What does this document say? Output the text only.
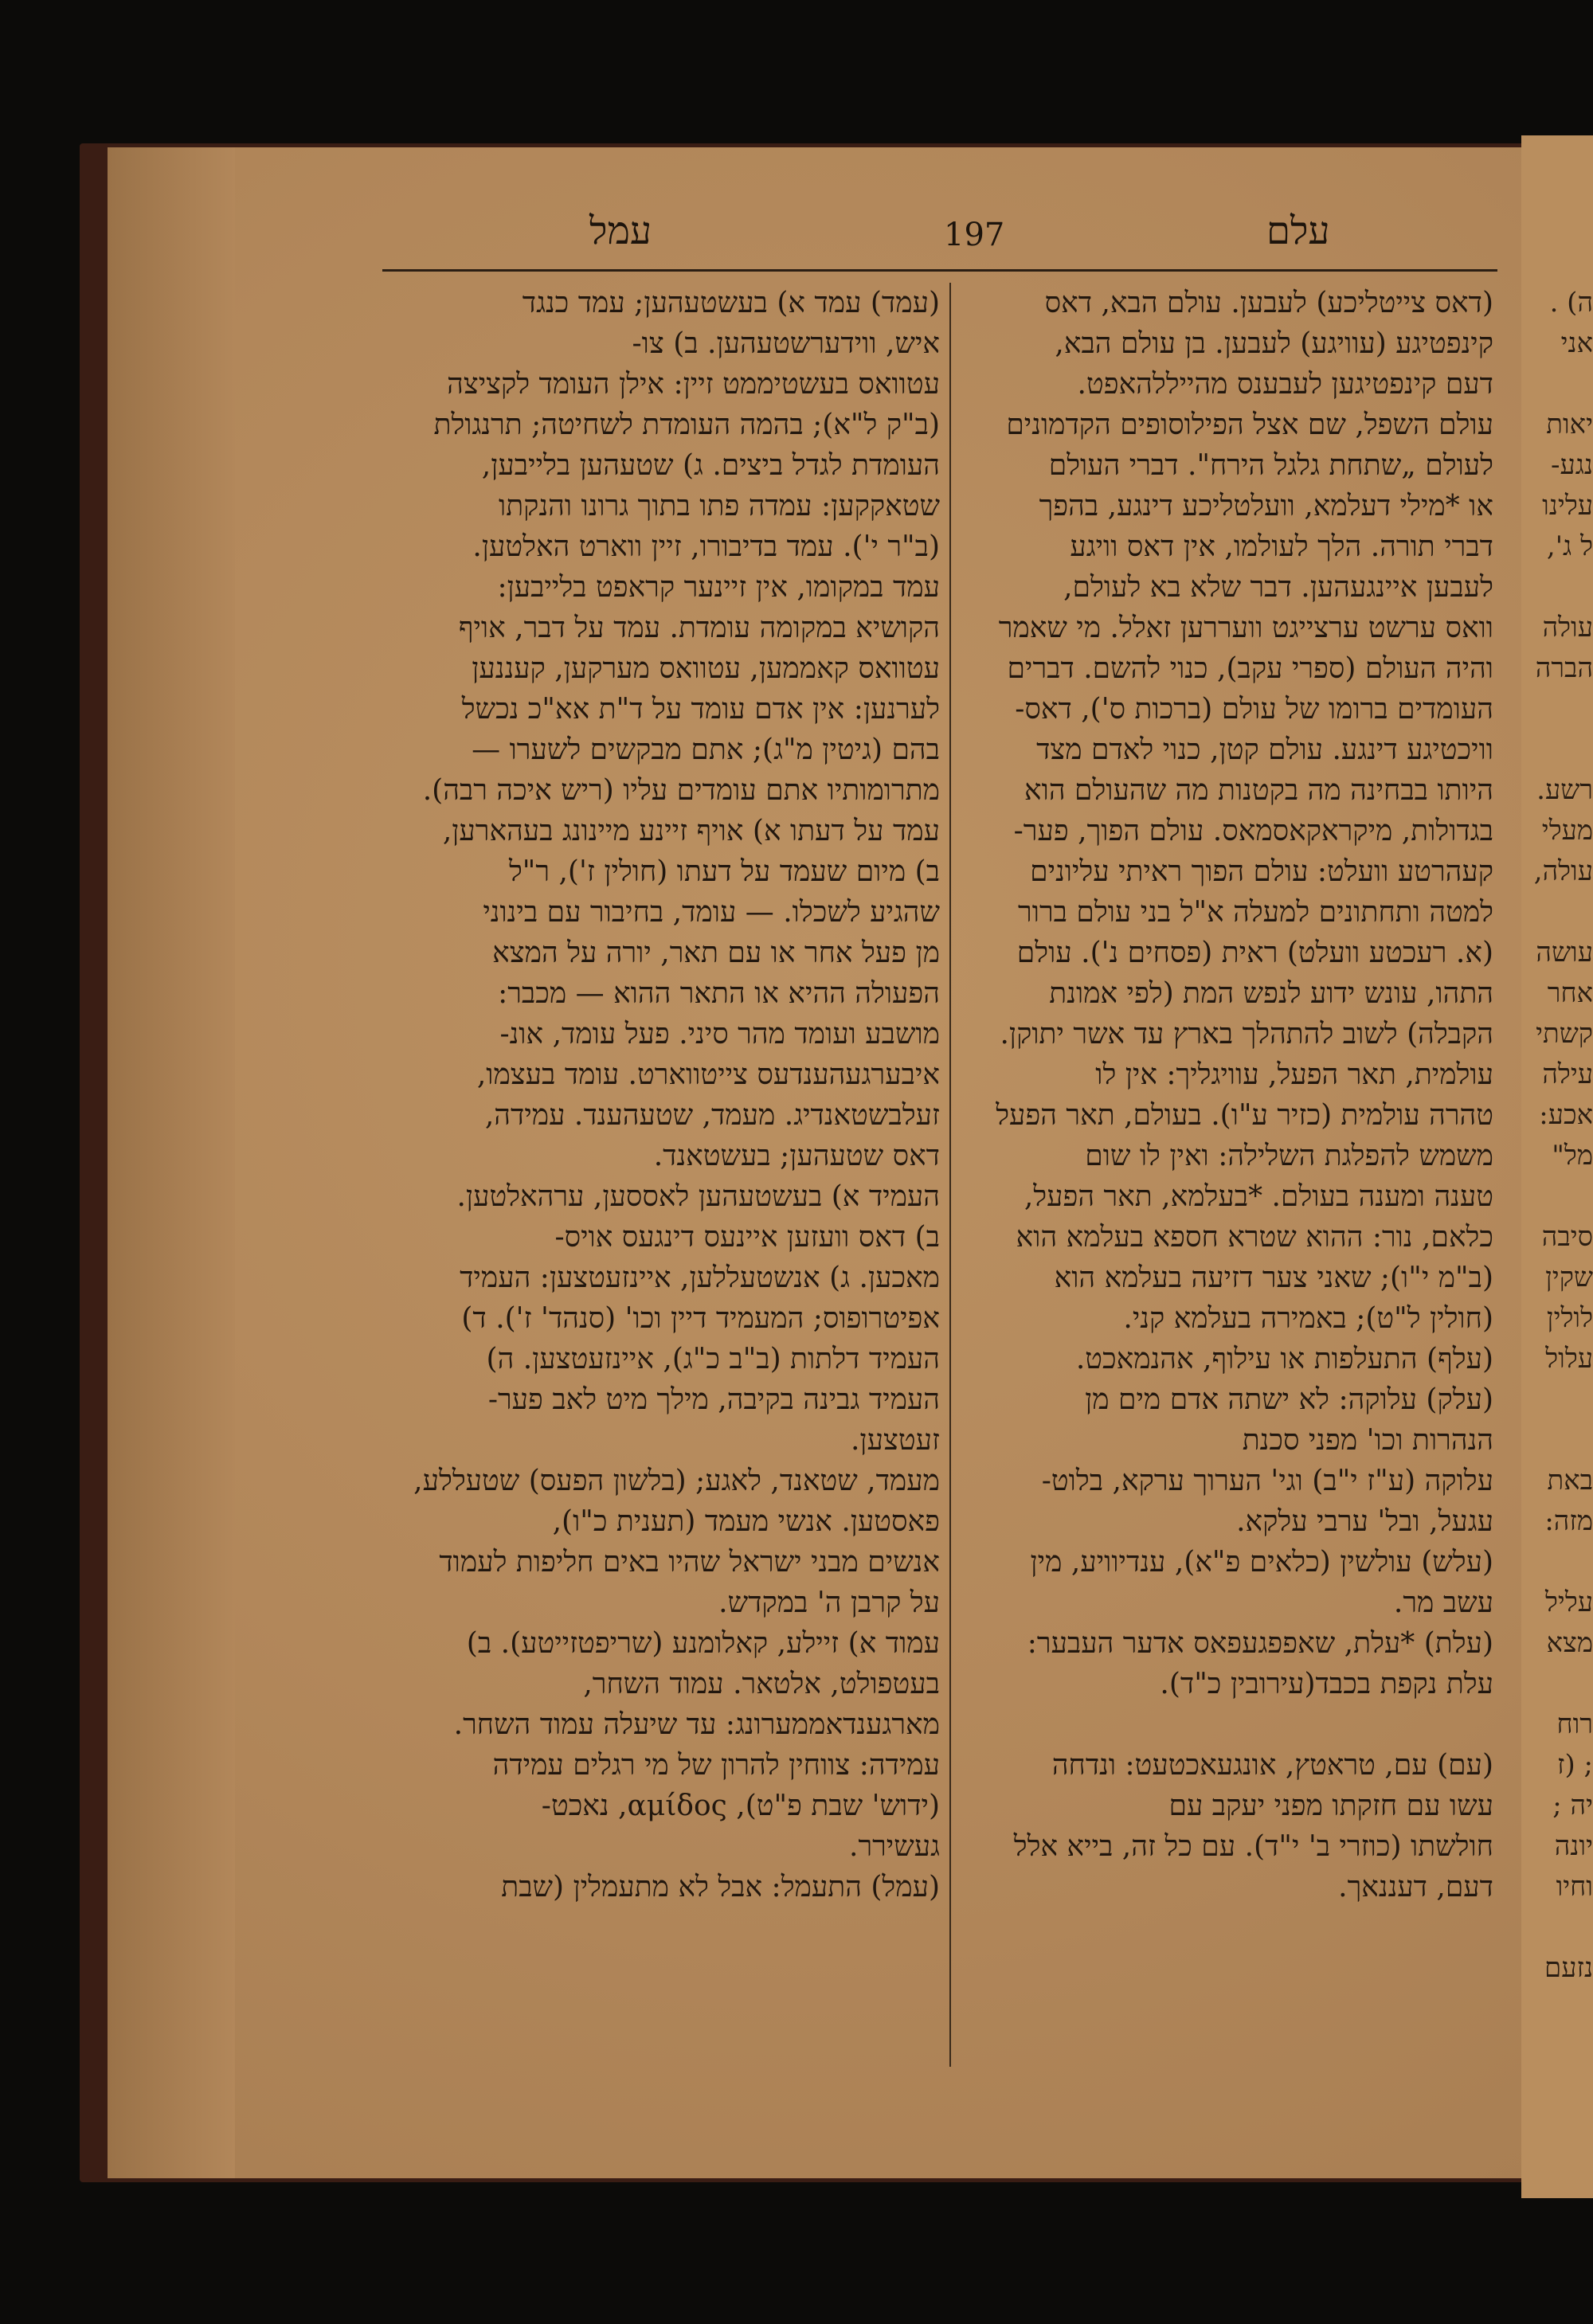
ה) .
אני
יאות
נגע-
עלינו
ל ג',
עולה
הברה
רשע.
מעלי
עולה,
עושה
אחר
קשתי
עילה
אכע:
מל"
סיבה
שקין
לולין
עלול
באת
מזה:
עליל
מצא
רוח
; (ז
יה ;
יונה
וחיו
נזעם
עלם
197
עמל
(דאס צייטליכע) לעבען. עולם הבא, דאס
קינפטיגע (עוויגע) לעבען. בן עולם הבא,
דעם קינפטיגען לעבענס מהייללהאפט.
עולם השפל, שם אצל הפילוסופים הקדמונים
לעולם „שתחת גלגל הירח". דברי העולם
או *מילי דעלמא, וועלטליכע דינגע, בהפך
דברי תורה. הלך לעולמו, אין דאס וויגע
לעבען איינגעהען. דבר שלא בא לעולם,
וואס ערשט ערצייגט וועררען זאלל. מי שאמר
והיה העולם (ספרי עקב), כנוי להשם. דברים
העומדים ברומו של עולם (ברכות ס'), דאס-
וויכטיגע דינגע. עולם קטן, כנוי לאדם מצד
היותו בבחינה מה בקטנות מה שהעולם הוא
בגדולות, מיקראקאסמאס. עולם הפוך, פער-
קעהרטע וועלט: עולם הפוך ראיתי עליונים
למטה ותחתונים למעלה א"ל בני עולם ברור
(א. רעכטע וועלט) ראית (פסחים נ'). עולם
התהו, עונש ידוע לנפש המת (לפי אמונת
הקבלה) לשוב להתהלך בארץ עד אשר יתוקן.
עולמית, תאר הפעל, עוויגליך: אין לו
טהרה עולמית (כזיר ע"ו). בעולם, תאר הפעל
משמש להפלגת השלילה: ואין לו שום
טענה ומענה בעולם. *בעלמא, תאר הפעל,
כלאם, נור: ההוא שטרא חספא בעלמא הוא
(ב"מ י"ו); שאני צער דזיעה בעלמא הוא
(חולין ל"ט); באמירה בעלמא קני.
(עלף) התעלפות או עילוף, אהנמאכט.
(עלק) עלוקה: לא ישתה אדם מים מן
הנהרות וכו' מפני סכנת
עלוקה (ע"ז י"ב) וגי' הערוך ערקא, בלוט-
עגעל, ובל' ערבי עלקא.
(עלש) עולשין (כלאים פ"א), ענדיוויע, מין
עשב מר.
(עלת) *עלת, שאפפגעפאס אדער העבער:
עלת נקפת בכבד(עירובין כ"ד).
(עם) עם, טראטץ, אונגעאכטעט: ונדחה
עשו עם חזקתו מפני יעקב עם
חולשתו (כוזרי ב' י"ד). עם כל זה, בייא אלל
דעם, דעננאך.
(עמד) עמד א) בעשטעהען; עמד כנגד
איש, ווידערשטעהען. ב) צו-
עטוואס בעשטיממט זיין: אילן העומד לקציצה
(ב"ק ל"א); בהמה העומדת לשחיטה; תרנגולת
העומדת לגדל ביצים. ג) שטעהען בלייבען,
שטאקקען: עמדה פתו בתוך גרונו והנקתו
(ב"ר י'). עמד בדיבורו, זיין ווארט האלטען.
עמד במקומו, אין זיינער קראפט בלייבען:
הקושיא במקומה עומדת. עמד על דבר, אויף
עטוואס קאממען, עטוואס מערקען, קעננען
לערנען: אין אדם עומד על ד"ת אא"כ נכשל
בהם (גיטין מ"ג); אתם מבקשים לשערו —
מתרומותיו אתם עומדים עליו (ריש איכה רבה).
עמד על דעתו א) אויף זיינע מיינונג בעהארען,
ב) מיום שעמד על דעתו (חולין ז'), ר"ל
שהגיע לשכלו. — עומד, בחיבור עם בינוני
מן פעל אחר או עם תאר, יורה על המצא
הפעולה ההיא או התאר ההוא — מכבר:
מושבע ועומד מהר סיני. פעל עומד, אונ-
איבערגעהענדעס צייטווארט. עומד בעצמו,
זעלבשטאנדיג. מעמד, שטעהענד. עמידה,
דאס שטעהען; בעשטאנד.
העמיד א) בעשטעהען לאססען, ערהאלטען.
ב) דאס וועזען איינעס דינגעס אויס-
מאכען. ג) אנשטעללען, איינזעטצען: העמיד
אפיטרופוס; המעמיד דיין וכו' (סנהד' ז'). ד)
העמיד דלתות (ב"ב כ"ג), איינזעטצען. ה)
העמיד גבינה בקיבה, מילך מיט לאב פער-
זעטצען.
מעמד, שטאנד, לאגע; (בלשון הפעס) שטעללע,
פאסטען. אנשי מעמד (תענית כ"ו),
אנשים מבני ישראל שהיו באים חליפות לעמוד
על קרבן ה' במקדש.
עמוד א) זיילע, קאלומנע (שריפטזייטע). ב)
בעטפולט, אלטאר. עמוד השחר,
מארגענדאממערונג: עד שיעלה עמוד השחר.
עמידה: צווחין להרון של מי רגלים עמידה
(ידוש' שבת פ"ט), αμίδος, נאכט-
געשירר.
(עמל) התעמל: אבל לא מתעמלין (שבת
